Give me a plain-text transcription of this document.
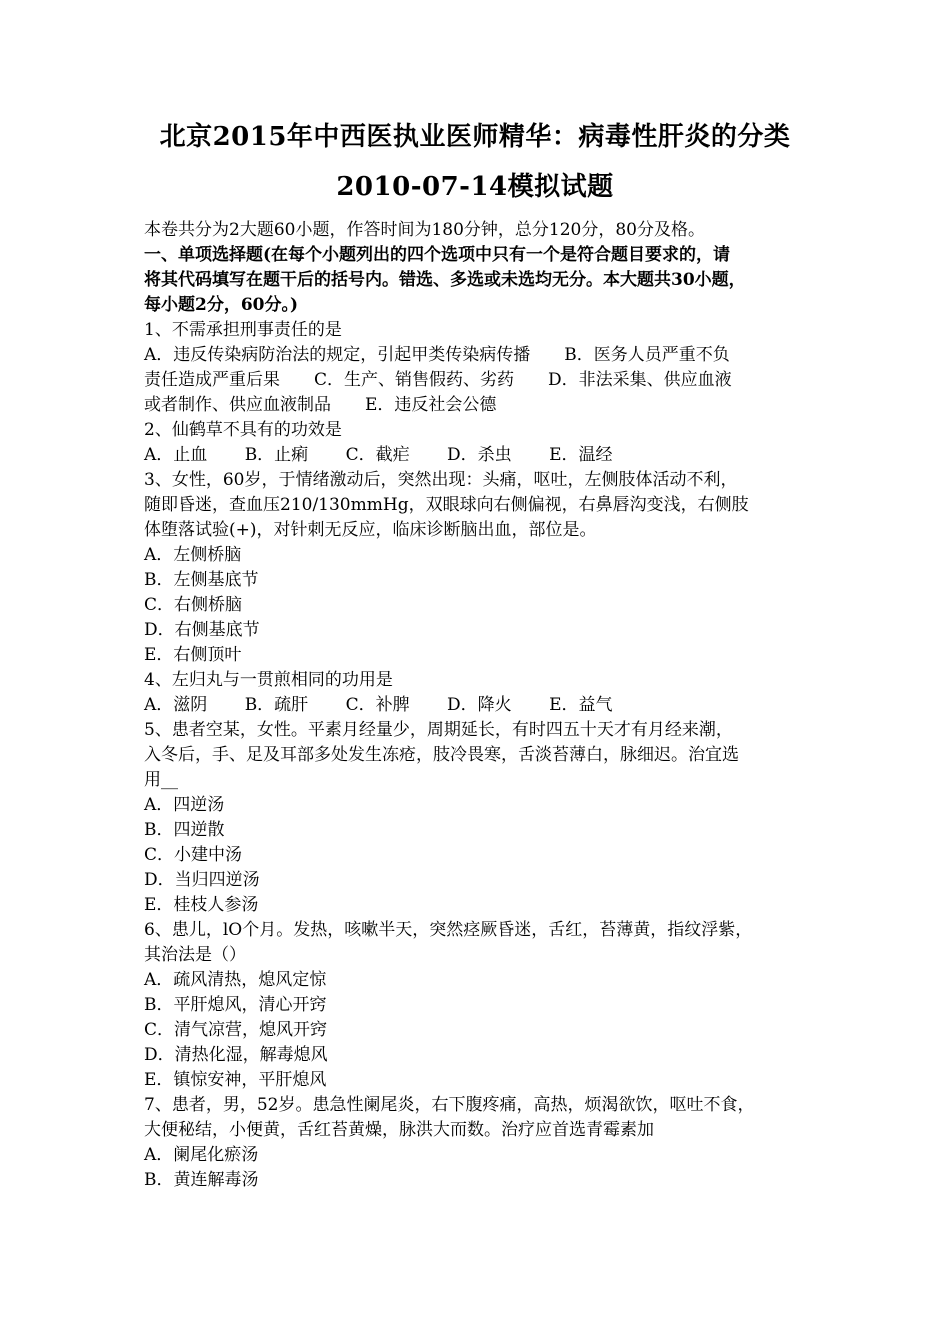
北京2015年中西医执业医师精华：病毒性肝炎的分类
2010-07-14模拟试题
本卷共分为2大题60小题，作答时间为180分钟，总分120分，80分及格。
一、单项选择题(在每个小题列出的四个选项中只有一个是符合题目要求的，请
将其代码填写在题干后的括号内。错选、多选或未选均无分。本大题共30小题，
每小题2分，60分。)
1、不需承担刑事责任的是
A．违反传染病防治法的规定，引起甲类传染病传播　　B．医务人员严重不负
责任造成严重后果　　C．生产、销售假药、劣药　　D．非法采集、供应血液
或者制作、供应血液制品　　E．违反社会公德
2、仙鹤草不具有的功效是
A．止血 B．止痢 C．截疟 D．杀虫 E．温经
3、女性，60岁，于情绪激动后，突然出现：头痛，呕吐，左侧肢体活动不利，
随即昏迷，查血压210/130mmHg，双眼球向右侧偏视，右鼻唇沟变浅，右侧肢
体堕落试验(+)，对针刺无反应，临床诊断脑出血，部位是。
A．左侧桥脑
B．左侧基底节
C．右侧桥脑
D．右侧基底节
E．右侧顶叶
4、左归丸与一贯煎相同的功用是
A．滋阴 B．疏肝 C．补脾 D．降火 E．益气
5、患者空某，女性。平素月经量少，周期延长，有时四五十天才有月经来潮，
入冬后，手、足及耳部多处发生冻疮，肢冷畏寒，舌淡苔薄白，脉细迟。治宜选
用__
A．四逆汤
B．四逆散
C．小建中汤
D．当归四逆汤
E．桂枝人参汤
6、患儿，lO个月。发热，咳嗽半天，突然痉厥昏迷，舌红，苔薄黄，指纹浮紫，
其治法是（）
A．疏风清热，熄风定惊
B．平肝熄风，清心开窍
C．清气凉营，熄风开窍
D．清热化湿，解毒熄风
E．镇惊安神，平肝熄风
7、患者，男，52岁。患急性阑尾炎，右下腹疼痛，高热，烦渴欲饮，呕吐不食，
大便秘结，小便黄，舌红苔黄燥，脉洪大而数。治疗应首选青霉素加
A．阑尾化瘀汤
B．黄连解毒汤
